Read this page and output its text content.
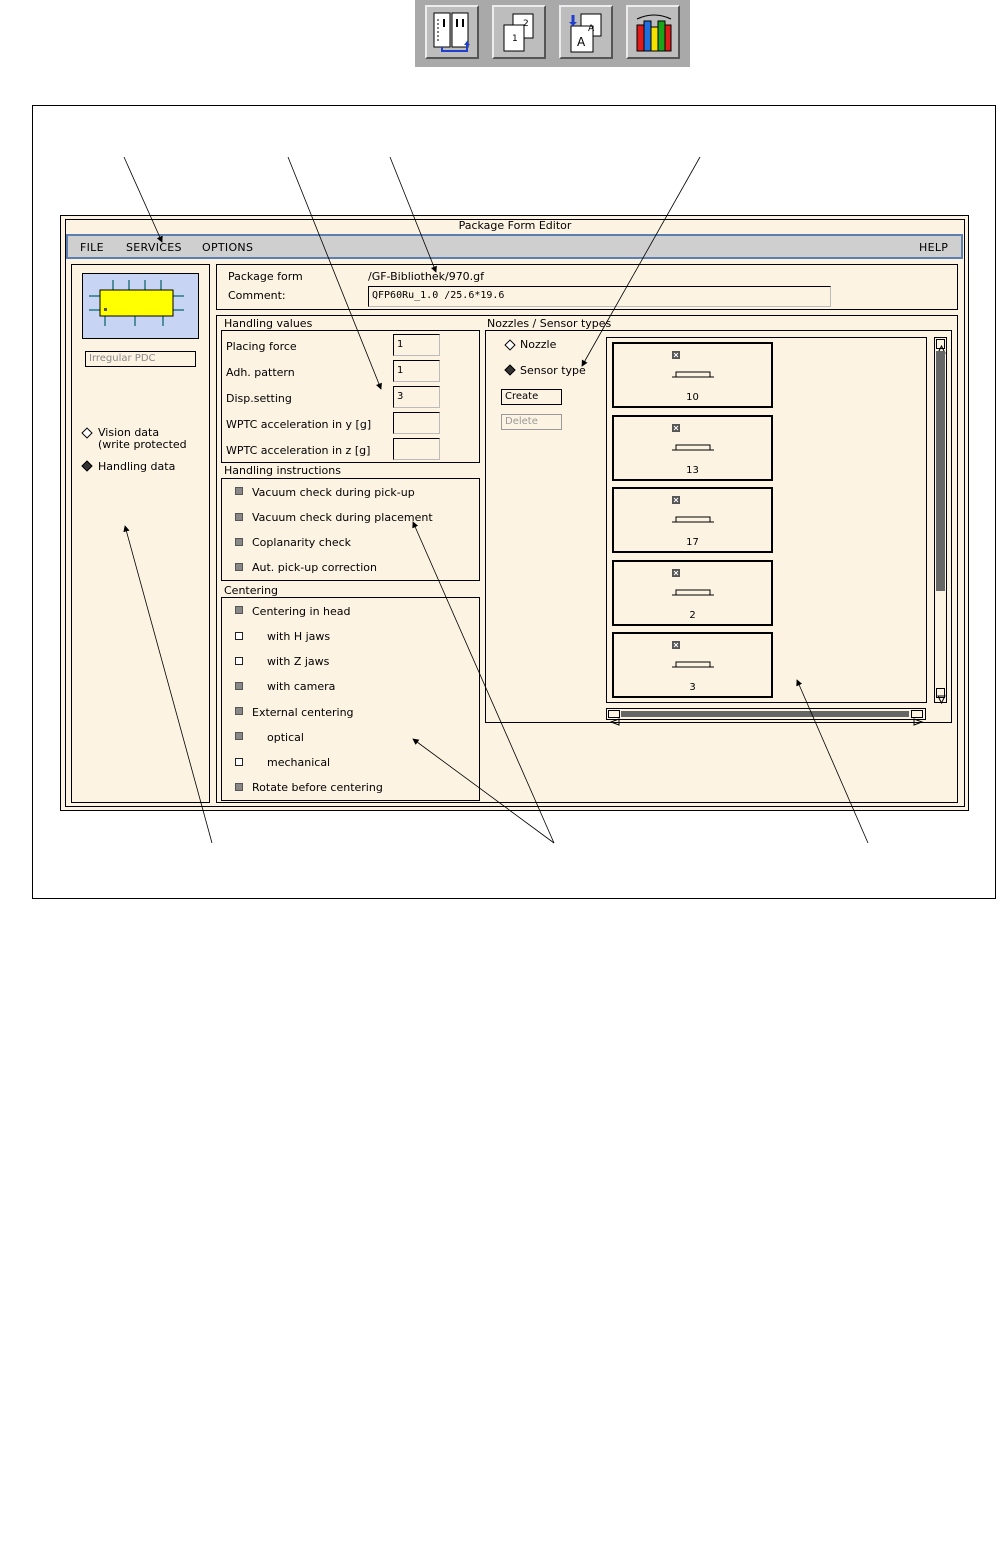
2
1	A
A
Package Form Editor
FILE SERVICES OPTIONS	HELP
Irregular PDC
Vision data
(write protected
Handling data
Package form	/GF-Bibliothek/970.gf
Comment:	QFP60Ru_1.0 /25.6*19.6
Handling values
Placing force	1
Adh. pattern	1
Disp.setting	3
WPTC acceleration in y [g]
WPTC acceleration in z [g]
Handling instructions
Vacuum check during pick-up
Vacuum check during placement
Coplanarity check
Aut. pick-up correction
Centering
Centering in head
with H jaws
with Z jaws
with camera
External centering
optical
mechanical
Rotate before centering
Nozzles / Sensor types
Nozzle
Sensor type
Create
Delete
10
13
17
2
3
